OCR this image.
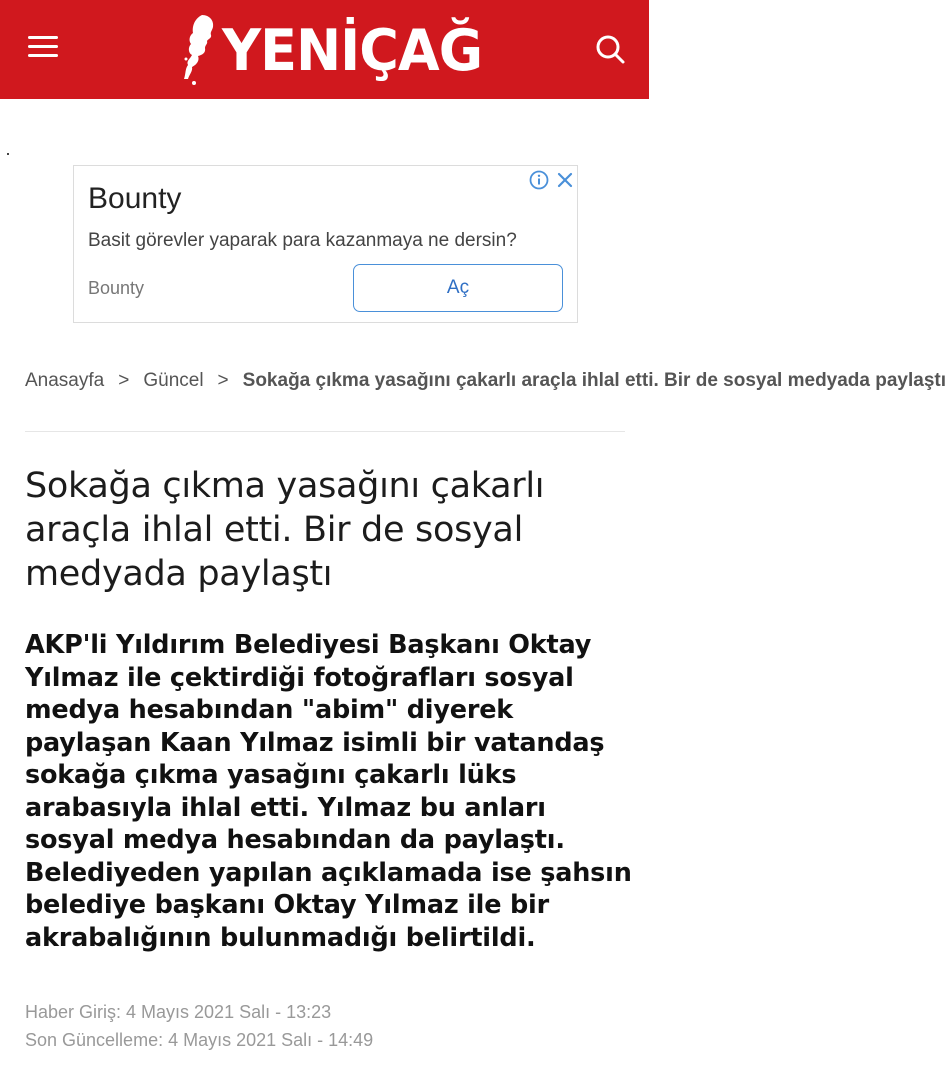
YENİÇAĞ
Bounty
Basit görevler yaparak para kazanmaya ne dersin?
Bounty	Aç
Anasayfa > Güncel > Sokağa çıkma yasağını çakarlı araçla ihlal etti. Bir de sosyal medyada paylaştı
Sokağa çıkma yasağını çakarlı araçla ihlal etti. Bir de sosyal medyada paylaştı

AKP'li Yıldırım Belediyesi Başkanı Oktay Yılmaz ile çektirdiği fotoğrafları sosyal medya hesabından "abim" diyerek paylaşan Kaan Yılmaz isimli bir vatandaş sokağa çıkma yasağını çakarlı lüks arabasıyla ihlal etti. Yılmaz bu anları sosyal medya hesabından da paylaştı. Belediyeden yapılan açıklamada ise şahsın belediye başkanı Oktay Yılmaz ile bir akrabalığının bulunmadığı belirtildi.

Haber Giriş: 4 Mayıs 2021 Salı - 13:23
Son Güncelleme: 4 Mayıs 2021 Salı - 14:49
